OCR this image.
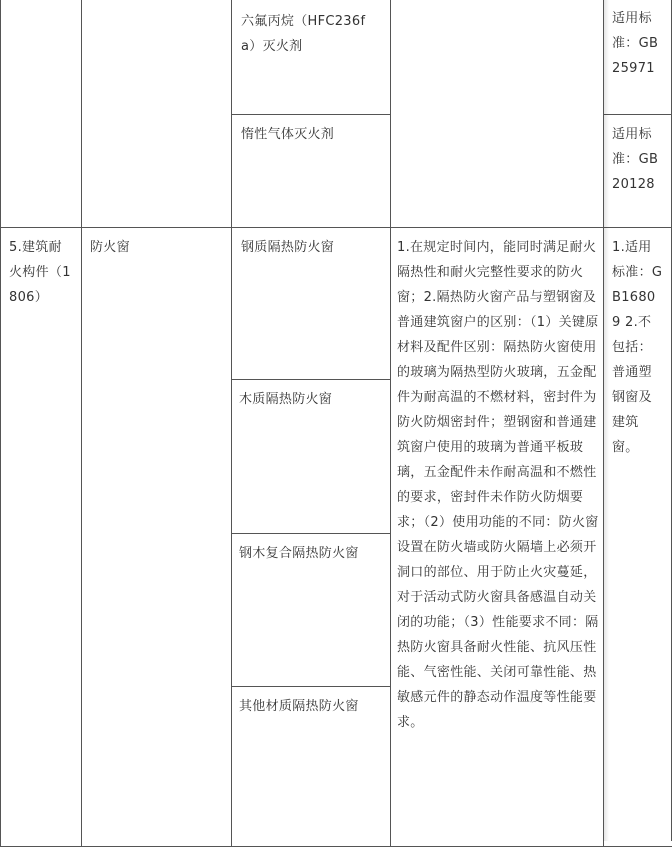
六氟丙烷（HFC236fa）灭火剂
惰性气体灭火剂
适用标准：GB25971
适用标准：GB20128
5.建筑耐火构件（1806）
防火窗	钢质隔热防火窗
木质隔热防火窗
钢木复合隔热防火窗
其他材质隔热防火窗
1.在规定时间内，能同时满足耐火隔热性和耐火完整性要求的防火窗；2.隔热防火窗产品与塑钢窗及普通建筑窗户的区别：（1）关键原材料及配件区别：隔热防火窗使用的玻璃为隔热型防火玻璃，五金配件为耐高温的不燃材料，密封件为防火防烟密封件；塑钢窗和普通建筑窗户使用的玻璃为普通平板玻璃，五金配件未作耐高温和不燃性的要求，密封件未作防火防烟要求；（2）使用功能的不同：防火窗设置在防火墙或防火隔墙上必须开洞口的部位、用于防止火灾蔓延，对于活动式防火窗具备感温自动关闭的功能；（3）性能要求不同：隔热防火窗具备耐火性能、抗风压性能、气密性能、关闭可靠性能、热敏感元件的静态动作温度等性能要求。
1.适用标准：GB16809 2.不包括：普通塑钢窗及建筑窗。
